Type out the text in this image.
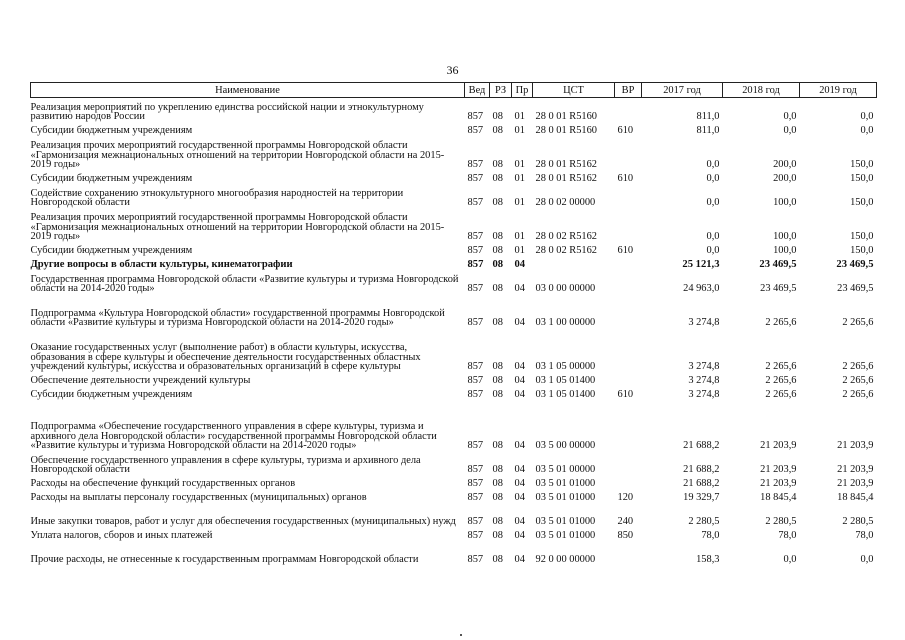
36
Наименование	Вед	РЗ	Пр	ЦСТ	ВР	2017 год	2018 год	2019 год
Реализация мероприятий по укреплению единства российской нации и этнокультурному развитию народов России	857	08	01	28 0 01 R5160		811,0	0,0	0,0
Субсидии бюджетным учреждениям	857	08	01	28 0 01 R5160	610	811,0	0,0	0,0
Реализация прочих мероприятий государственной программы Новгородской области «Гармонизация межнациональных отношений на территории Новгородской области на 2015-2019 годы»	857	08	01	28 0 01 R5162		0,0	200,0	150,0
Субсидии бюджетным учреждениям	857	08	01	28 0 01 R5162	610	0,0	200,0	150,0
Содействие сохранению этнокультурного многообразия народностей на территории Новгородской области	857	08	01	28 0 02 00000		0,0	100,0	150,0
Реализация прочих мероприятий государственной программы Новгородской области «Гармонизация межнациональных отношений на территории Новгородской области на 2015-2019 годы»	857	08	01	28 0 02 R5162		0,0	100,0	150,0
Субсидии бюджетным учреждениям	857	08	01	28 0 02 R5162	610	0,0	100,0	150,0
Другие вопросы в области культуры, кинематографии	857	08	04			25 121,3	23 469,5	23 469,5
Государственная программа Новгородской области «Развитие культуры и туризма Новгородской области на 2014-2020 годы»	857	08	04	03 0 00 00000		24 963,0	23 469,5	23 469,5
Подпрограмма «Культура Новгородской области» государственной программы Новгородской области «Развитие культуры и туризма Новгородской области на 2014-2020 годы»	857	08	04	03 1 00 00000		3 274,8	2 265,6	2 265,6
Оказание государственных услуг (выполнение работ) в области культуры, искусства, образования в сфере культуры и обеспечение деятельности государственных областных учреждений культуры, искусства и образовательных организаций в сфере культуры	857	08	04	03 1 05 00000		3 274,8	2 265,6	2 265,6
Обеспечение деятельности учреждений культуры	857	08	04	03 1 05 01400		3 274,8	2 265,6	2 265,6
Субсидии бюджетным учреждениям	857	08	04	03 1 05 01400	610	3 274,8	2 265,6	2 265,6
Подпрограмма «Обеспечение государственного управления в сфере культуры, туризма и архивного дела Новгородской области» государственной программы Новгородской области «Развитие культуры и туризма Новгородской области на 2014-2020 годы»	857	08	04	03 5 00 00000		21 688,2	21 203,9	21 203,9
Обеспечение государственного управления в сфере культуры, туризма и архивного дела Новгородской области	857	08	04	03 5 01 00000		21 688,2	21 203,9	21 203,9
Расходы на обеспечение функций государственных органов	857	08	04	03 5 01 01000		21 688,2	21 203,9	21 203,9
Расходы на выплаты персоналу государственных (муниципальных) органов	857	08	04	03 5 01 01000	120	19 329,7	18 845,4	18 845,4
Иные закупки товаров, работ и услуг для обеспечения государственных (муниципальных) нужд	857	08	04	03 5 01 01000	240	2 280,5	2 280,5	2 280,5
Уплата налогов, сборов и иных платежей	857	08	04	03 5 01 01000	850	78,0	78,0	78,0
Прочие расходы, не отнесенные к государственным программам Новгородской области	857	08	04	92 0 00 00000		158,3	0,0	0,0
